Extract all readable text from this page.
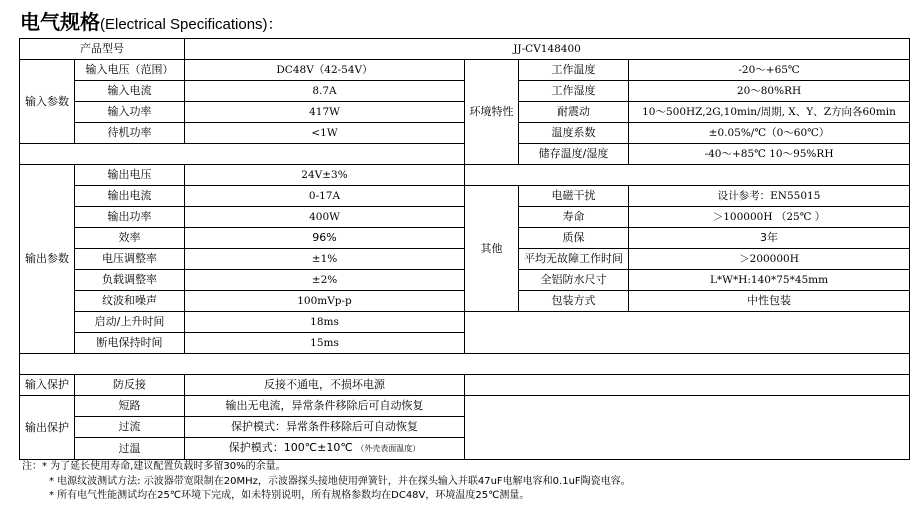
电气规格(Electrical Specifications)：
产品型号		JJ-CV148400			
输入参数	输入电压（范围）	DC48V（42-54V）	环境特性	工作温度	-20～+65℃
	输入电流	8.7A		工作湿度	20～80%RH
	输入功率	417W		耐震动	10～500HZ,2G,10min/周期, X、Y、Z方向各60min
	待机功率	<1W		温度系数	±0.05%/℃（0～60℃）
				储存温度/湿度	-40～+85℃ 10～95%RH
输出参数	输出电压	24V±3%			
	输出电流	0-17A	其他	电磁干扰	设计参考：EN55015
	输出功率	400W		寿命	＞100000H （25℃ ）
	效率	96%		质保	3年
	电压调整率	±1%		平均无故障工作时间	＞200000H
	负载调整率	±2%		全铝防水尺寸	L*W*H:140*75*45mm
	纹波和噪声	100mVp-p		包装方式	中性包装
	启动/上升时间	18ms			
	断电保持时间	15ms			

输入保护	防反接	反接不通电，不损坏电源			
输出保护	短路	输出无电流，异常条件移除后可自动恢复			
	过流	保护模式：异常条件移除后可自动恢复			
	过温	保护模式：100℃±10℃ （外壳表面温度）			
注：* 为了延长使用寿命,建议配置负载时多留30%的余量。
* 电源纹波测试方法: 示波器带宽限制在20MHz，示波器探头接地使用弹簧针，并在探头输入并联47uF电解电容和0.1uF陶瓷电容。
* 所有电气性能测试均在25℃环境下完成，如未特别说明，所有规格参数均在DC48V，环境温度25℃测量。
